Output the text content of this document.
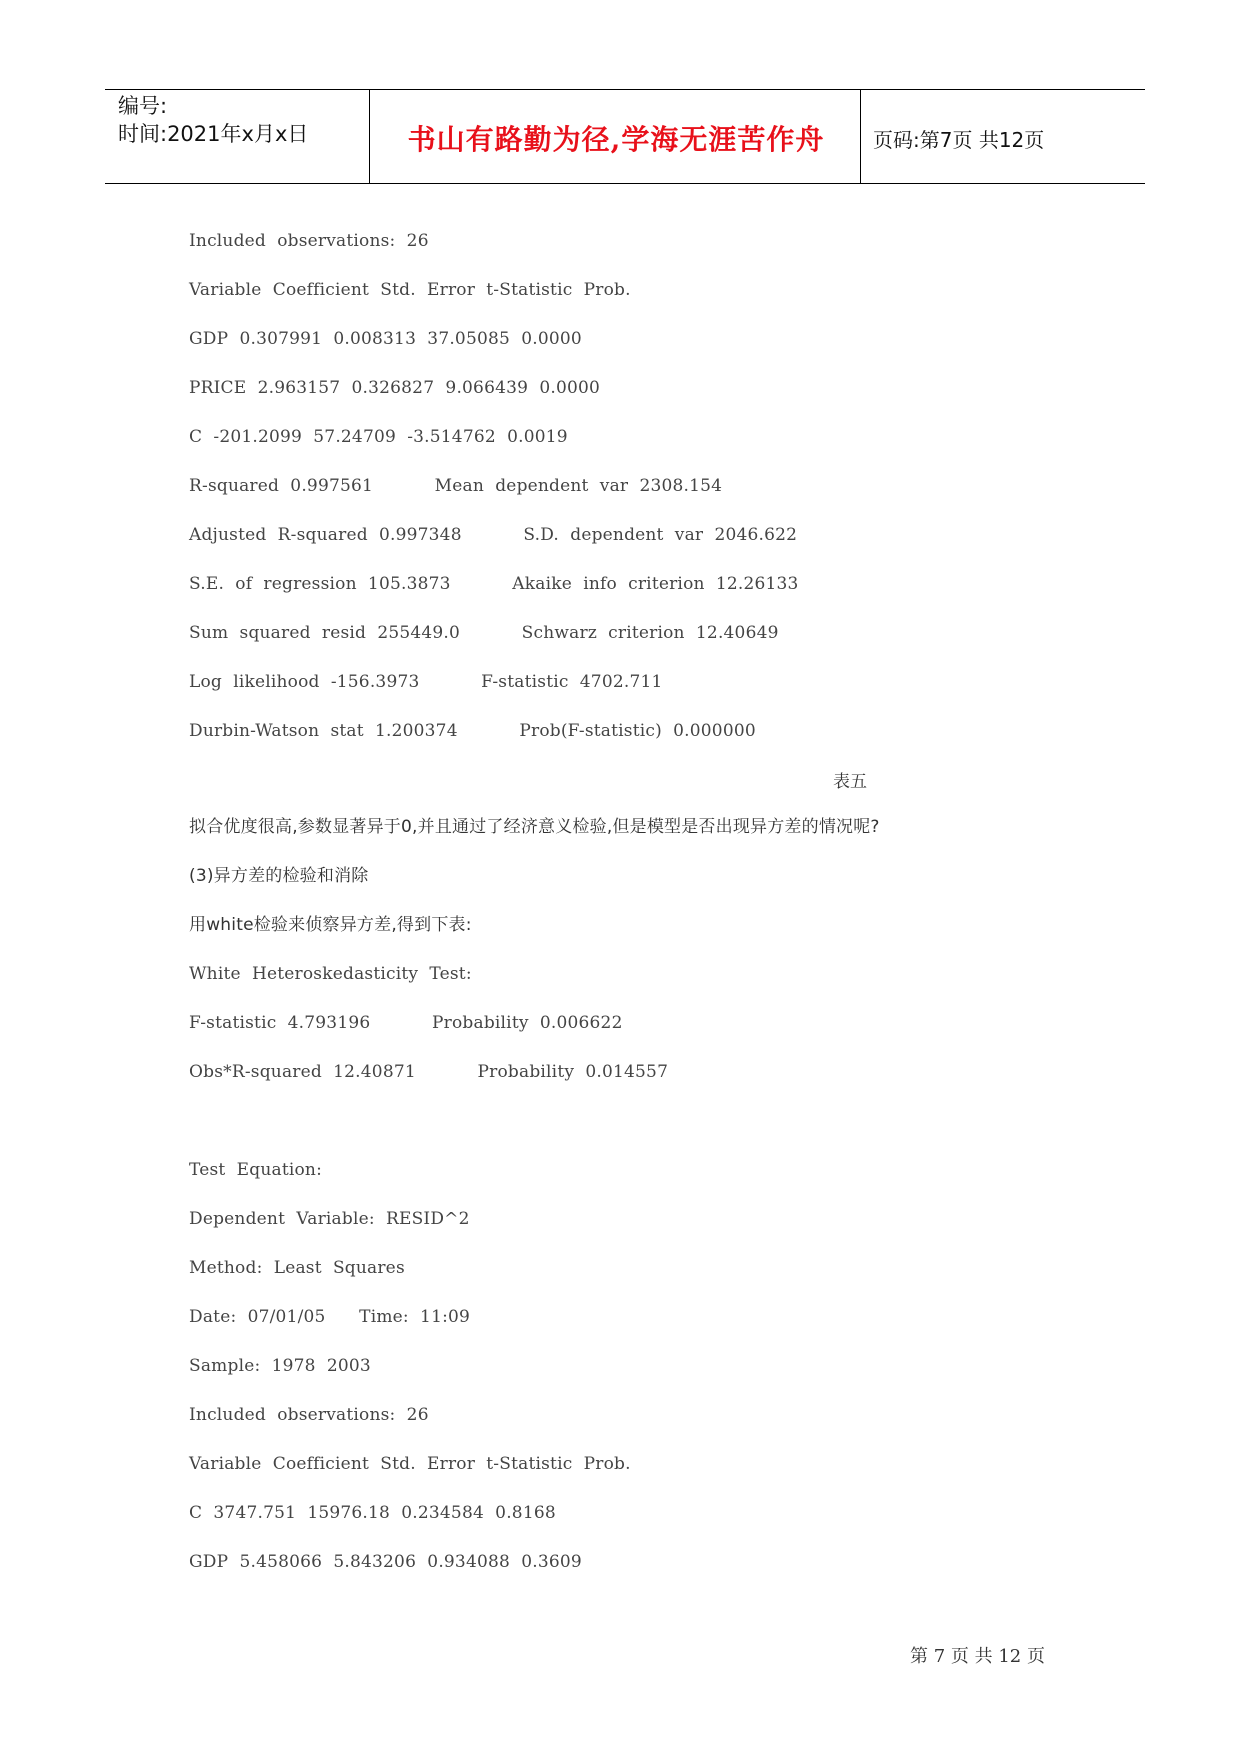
编号:
时间:2021年x月x日	书山有路勤为径,学海无涯苦作舟	页码:第7页 共12页
Included  observations:  26
Variable  Coefficient  Std.  Error  t-Statistic  Prob.
GDP  0.307991  0.008313  37.05085  0.0000
PRICE  2.963157  0.326827  9.066439  0.0000
C  -201.2099  57.24709  -3.514762  0.0019
R-squared  0.997561           Mean  dependent  var  2308.154
Adjusted  R-squared  0.997348           S.D.  dependent  var  2046.622
S.E.  of  regression  105.3873           Akaike  info  criterion  12.26133
Sum  squared  resid  255449.0           Schwarz  criterion  12.40649
Log  likelihood  -156.3973           F-statistic  4702.711
Durbin-Watson  stat  1.200374           Prob(F-statistic)  0.000000
表五
拟合优度很高,参数显著异于0,并且通过了经济意义检验,但是模型是否出现异方差的情况呢?
(3)异方差的检验和消除
用white检验来侦察异方差,得到下表:
White  Heteroskedasticity  Test:
F-statistic  4.793196           Probability  0.006622
Obs*R-squared  12.40871           Probability  0.014557
Test  Equation:
Dependent  Variable:  RESID^2
Method:  Least  Squares
Date:  07/01/05      Time:  11:09
Sample:  1978  2003
Included  observations:  26
Variable  Coefficient  Std.  Error  t-Statistic  Prob.
C  3747.751  15976.18  0.234584  0.8168
GDP  5.458066  5.843206  0.934088  0.3609
第 7 页 共 12 页
